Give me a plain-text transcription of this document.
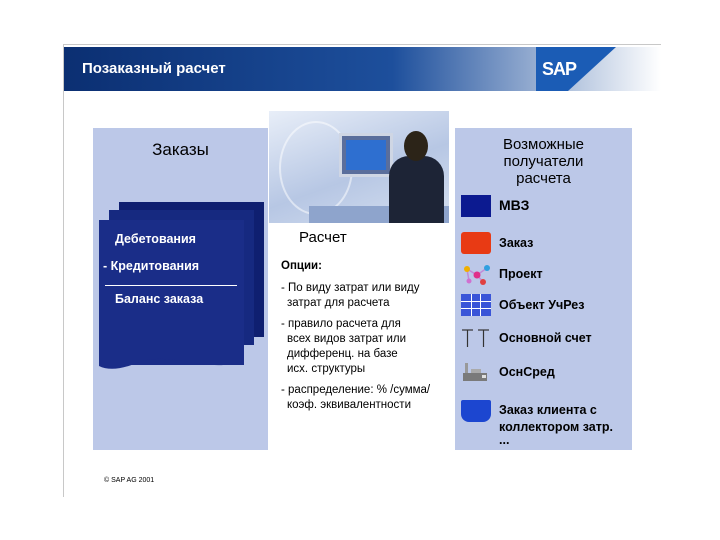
Позаказный расчет	SAP
Заказы
Дебетования
- Кредитования
Баланс заказа
Расчет
Опции:
- По виду затрат или виду
затрат для расчета
- правило расчета для
всех видов затрат или
дифференц. на базе
исх. структуры
- распределение: % /сумма/
коэф. эквивалентности
Возможные
получатели
расчета
МВЗ
Заказ
Проект
Объект УчРез
Основной счет
ОснСред
Заказ клиента с
коллектором затр.
...
© SAP AG 2001
